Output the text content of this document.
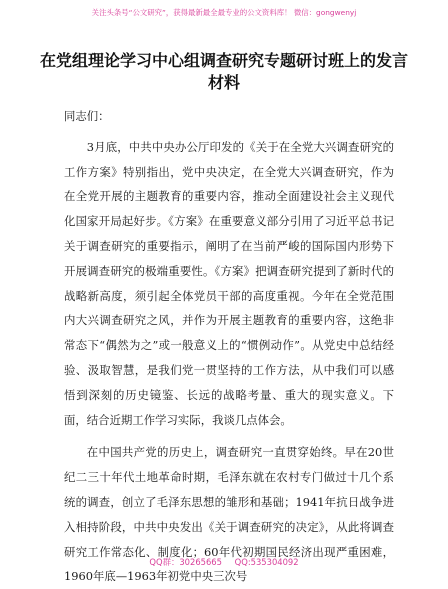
关注头条号“公文研究”，获得最新最全最专业的公文资料库！ 微信：gongwenyj
在党组理论学习中心组调查研究专题研讨班上的发言材料

同志们：

3月底，中共中央办公厅印发的《关于在全党大兴调查研究的工作方案》特别指出，党中央决定，在全党大兴调查研究，作为在全党开展的主题教育的重要内容，推动全面建设社会主义现代化国家开局起好步。《方案》在重要意义部分引用了习近平总书记关于调查研究的重要指示，阐明了在当前严峻的国际国内形势下开展调查研究的极端重要性。《方案》把调查研究提到了新时代的战略新高度，须引起全体党员干部的高度重视。今年在全党范围内大兴调查研究之风，并作为开展主题教育的重要内容，这绝非常态下“偶然为之”或一般意义上的“惯例动作”。从党史中总结经验、汲取智慧，是我们党一贯坚持的工作方法，从中我们可以感悟到深刻的历史镜鉴、长远的战略考量、重大的现实意义。下面，结合近期工作学习实际，我谈几点体会。

在中国共产党的历史上，调查研究一直贯穿始终。早在20世纪二三十年代土地革命时期，毛泽东就在农村专门做过十几个系统的调查，创立了毛泽东思想的雏形和基础；1941年抗日战争进入相持阶段，中共中央发出《关于调查研究的决定》，从此将调查研究工作常态化、制度化；60年代初期国民经济出现严重困难，1960年底—1963年初党中央三次号

QQ群：30265665 QQ:535304092
